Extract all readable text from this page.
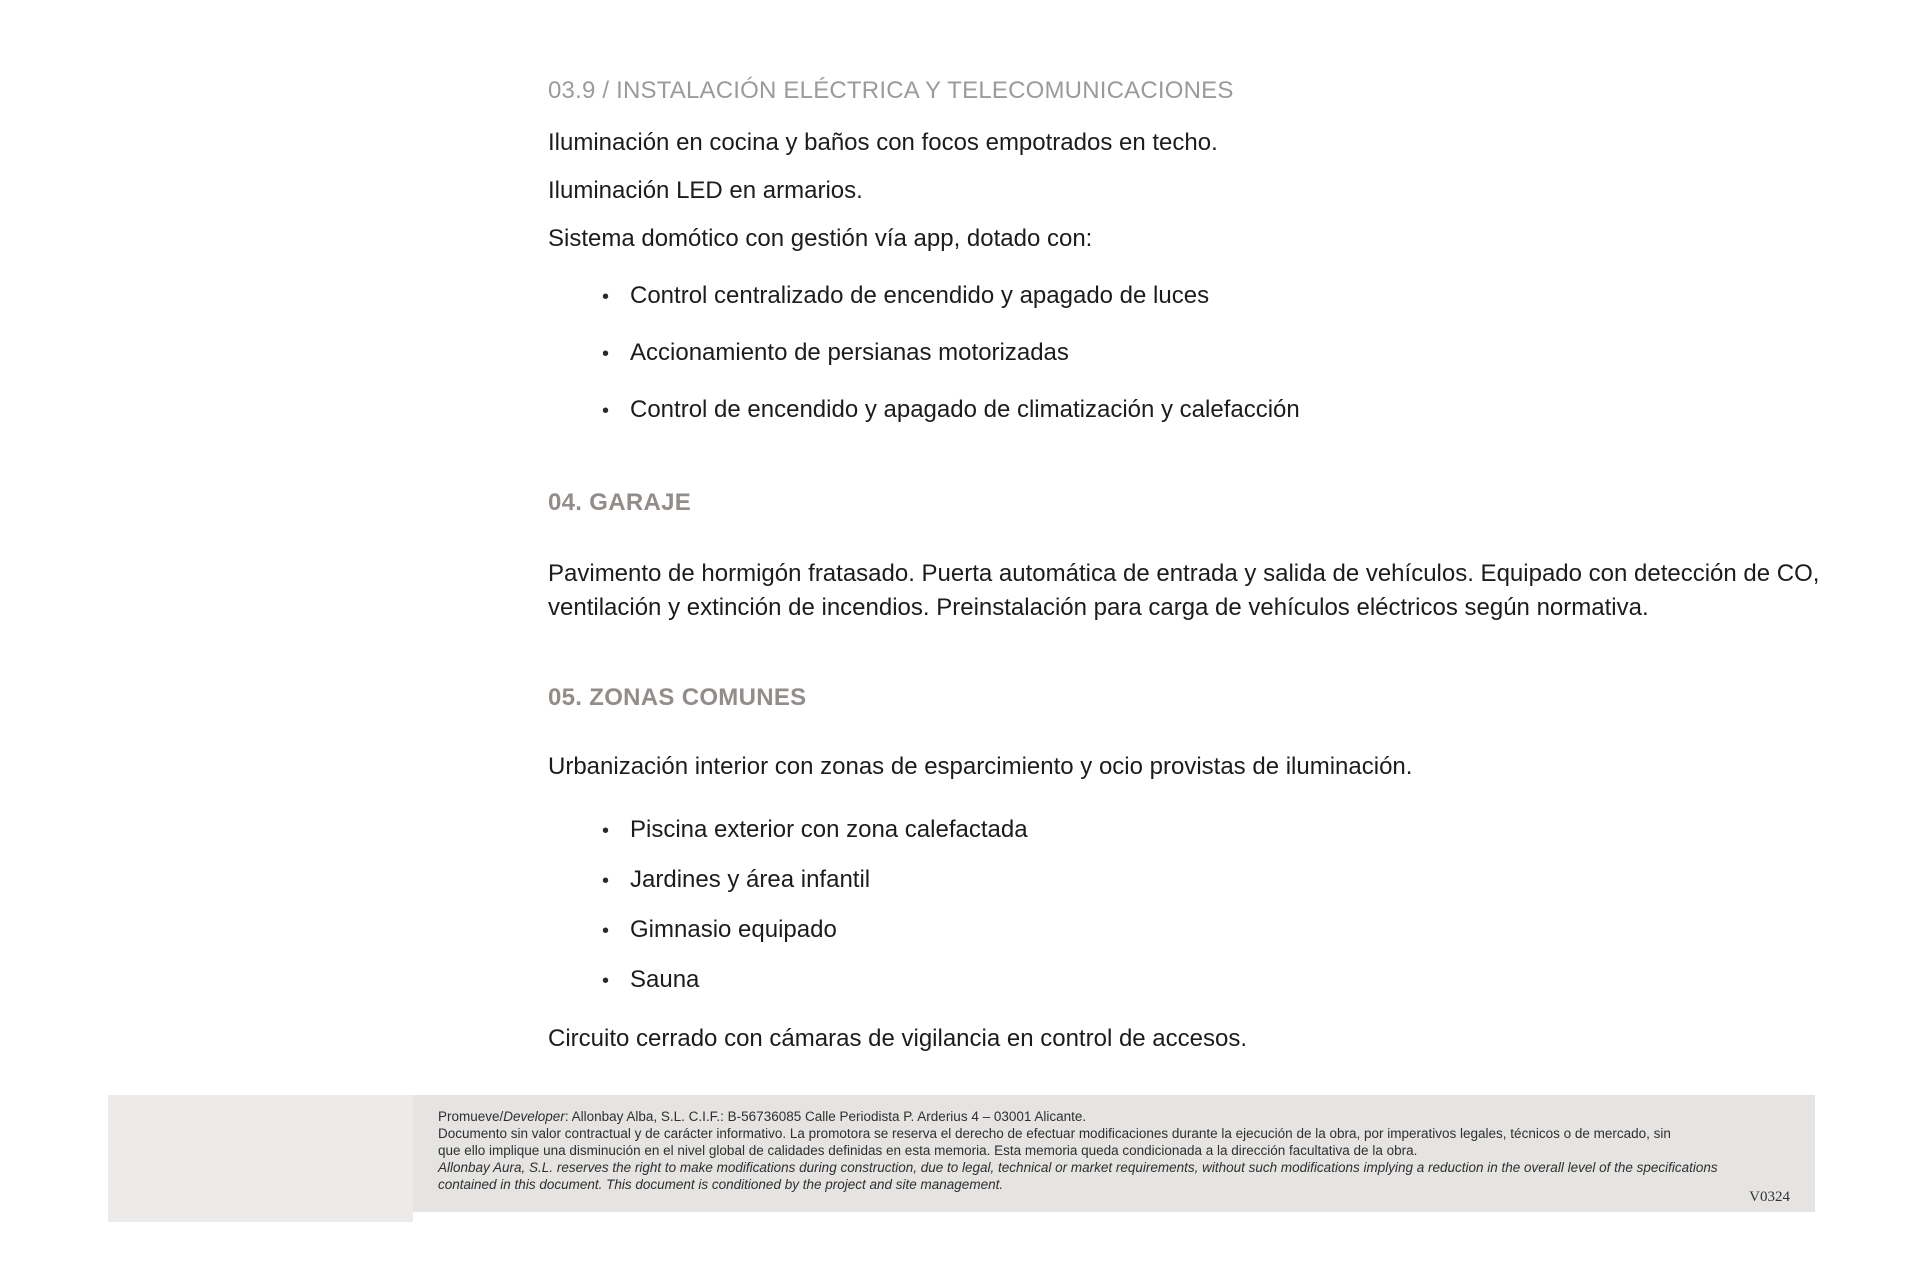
03.9 / INSTALACIÓN ELÉCTRICA Y TELECOMUNICACIONES

Iluminación en cocina y baños con focos empotrados en techo.

Iluminación LED en armarios.

Sistema domótico con gestión vía app, dotado con:

•
Control centralizado de encendido y apagado de luces
•
Accionamiento de persianas motorizadas
•
Control de encendido y apagado de climatización y calefacción
04. GARAJE

Pavimento de hormigón fratasado. Puerta automática de entrada y salida de vehículos. Equipado con detección de CO, ventilación y extinción de incendios. Preinstalación para carga de vehículos eléctricos según normativa.

05. ZONAS COMUNES

Urbanización interior con zonas de esparcimiento y ocio provistas de iluminación.

•
Piscina exterior con zona calefactada
•
Jardines y área infantil
•
Gimnasio equipado
•
Sauna

Circuito cerrado con cámaras de vigilancia en control de accesos.

Promueve/Developer: Allonbay Alba, S.L. C.I.F.: B-56736085 Calle Periodista P. Arderius 4 – 03001 Alicante.
Documento sin valor contractual y de carácter informativo. La promotora se reserva el derecho de efectuar modificaciones durante la ejecución de la obra, por imperativos legales, técnicos o de mercado, sin
que ello implique una disminución en el nivel global de calidades definidas en esta memoria. Esta memoria queda condicionada a la dirección facultativa de la obra.
Allonbay Aura, S.L. reserves the right to make modifications during construction, due to legal, technical or market requirements, without such modifications implying a reduction in the overall level of the specifications
contained in this document. This document is conditioned by the project and site management.
V0324
